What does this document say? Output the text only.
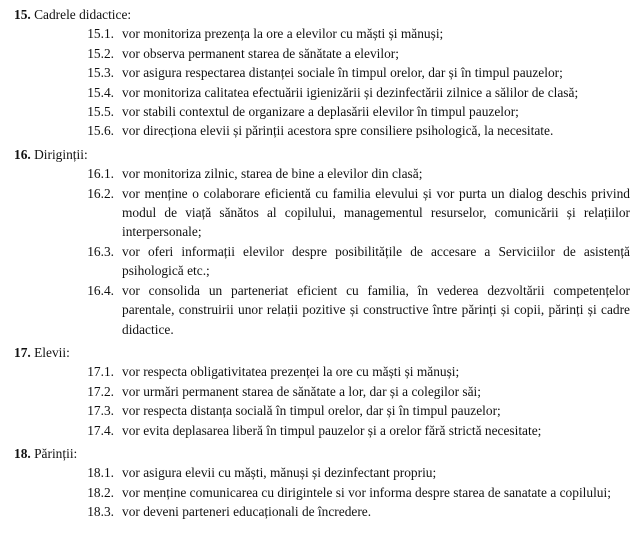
15. Cadrele didactice:
15.1. vor monitoriza prezența la ore a elevilor cu măști și mănuși;
15.2. vor observa permanent starea de sănătate a elevilor;
15.3. vor asigura respectarea distanței sociale în timpul orelor, dar și în timpul pauzelor;
15.4. vor monitoriza calitatea efectuării igienizării și dezinfectării zilnice a sălilor de clasă;
15.5. vor stabili contextul de organizare a deplasării elevilor în timpul pauzelor;
15.6. vor direcționa elevii și părinții acestora spre consiliere psihologică, la necesitate.
16. Diriginții:
16.1. vor monitoriza zilnic, starea de bine a elevilor din clasă;
16.2. vor menține o colaborare eficientă cu familia elevului și vor purta un dialog deschis privind modul de viață sănătos al copilului, managementul resurselor, comunicării și relațiilor interpersonale;
16.3. vor oferi informații elevilor despre posibilitățile de accesare a Serviciilor de asistență psihologică etc.;
16.4. vor consolida un parteneriat eficient cu familia, în vederea dezvoltării competențelor parentale, construirii unor relații pozitive și constructive între părinți și copii, părinți și cadre didactice.
17. Elevii:
17.1. vor respecta obligativitatea prezenței la ore cu măști și mănuși;
17.2. vor urmări permanent starea de sănătate a lor, dar și a colegilor săi;
17.3. vor respecta distanța socială în timpul orelor, dar și în timpul pauzelor;
17.4. vor evita deplasarea liberă în timpul pauzelor și a orelor fără strictă necesitate;
18. Părinții:
18.1. vor asigura elevii cu măști, mănuși și dezinfectant propriu;
18.2. vor menține comunicarea cu dirigintele si vor informa despre starea de sanatate a copilului;
18.3. vor deveni parteneri educaționali de încredere.
